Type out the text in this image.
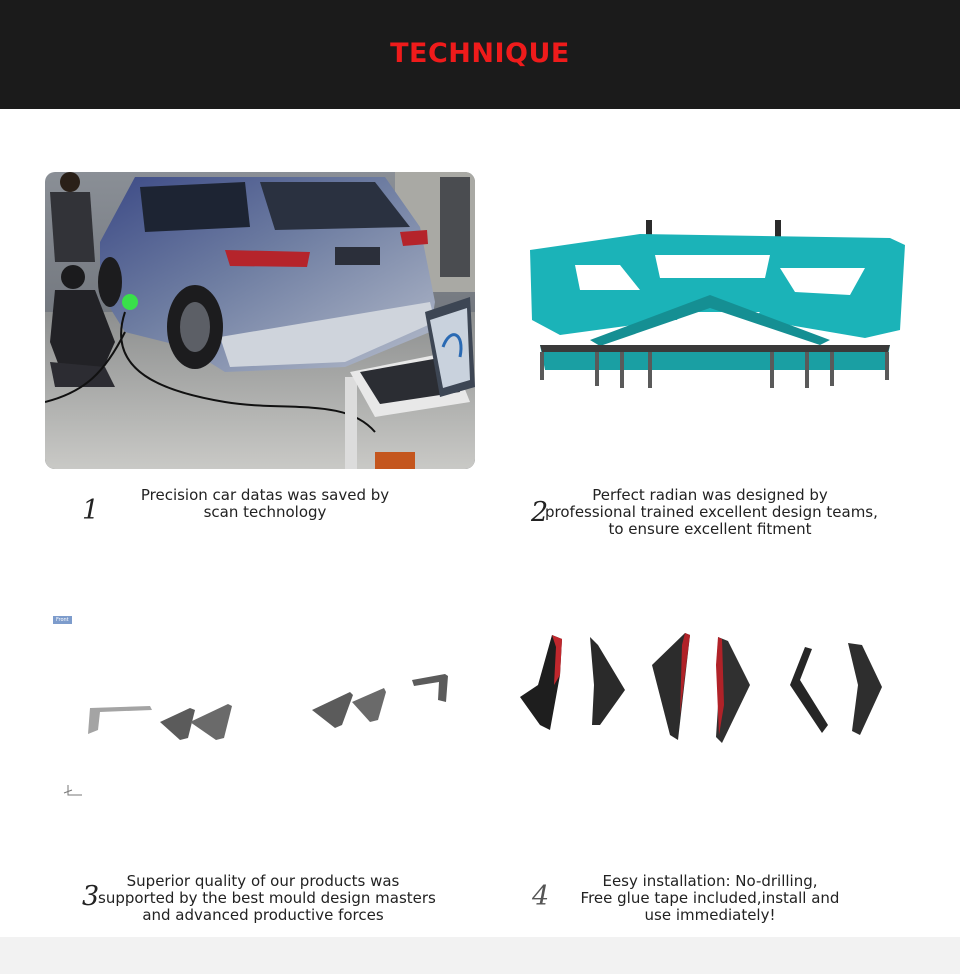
TECHNIQUE
1	Precision car datas was saved by
scan technology	2
Perfect radian was designed by
professional trained excellent design teams,
to ensure excellent fitment
Front
3	Superior quality of our products was
supported by the best mould design masters
and advanced productive forces
4	Eesy installation: No-drilling,
Free glue tape included,install and
use immediately!
